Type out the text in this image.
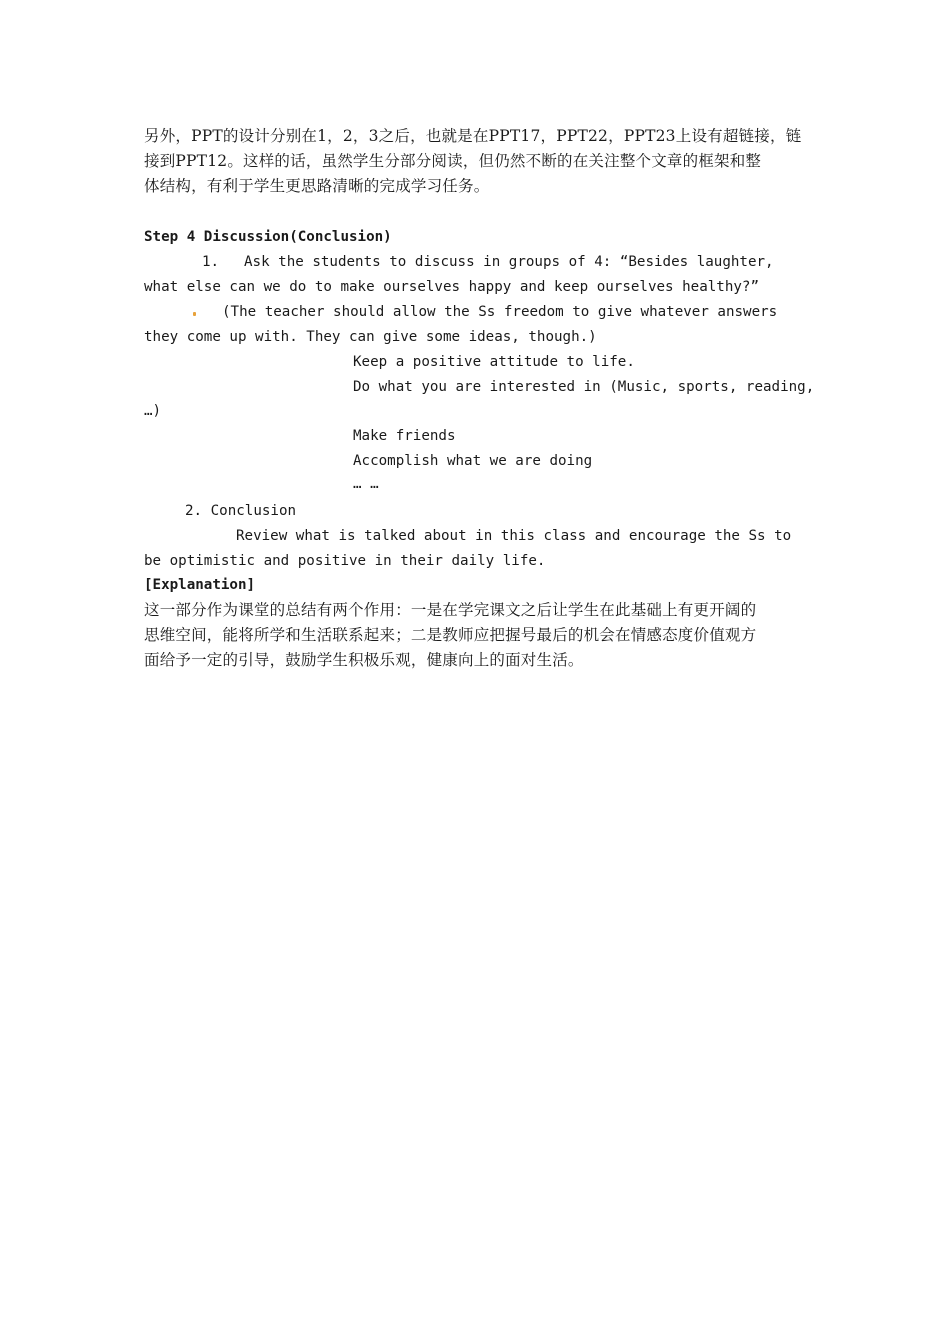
另外，PPT的设计分别在1，2，3之后，也就是在PPT17，PPT22，PPT23上设有超链接，链
接到PPT12。这样的话，虽然学生分部分阅读，但仍然不断的在关注整个文章的框架和整
体结构，有利于学生更思路清晰的完成学习任务。
Step 4 Discussion(Conclusion)
1. Ask the students to discuss in groups of 4: “Besides laughter,
what else can we do to make ourselves happy and keep ourselves healthy?”
(The teacher should allow the Ss freedom to give whatever answers
they come up with. They can give some ideas, though.)
Keep a positive attitude to life.
Do what you are interested in (Music, sports, reading,
…)
Make friends
Accomplish what we are doing
… …
2. Conclusion
Review what is talked about in this class and encourage the Ss to
be optimistic and positive in their daily life.
[Explanation]
这一部分作为课堂的总结有两个作用：一是在学完课文之后让学生在此基础上有更开阔的
思维空间，能将所学和生活联系起来；二是教师应把握号最后的机会在情感态度价值观方
面给予一定的引导，鼓励学生积极乐观，健康向上的面对生活。
